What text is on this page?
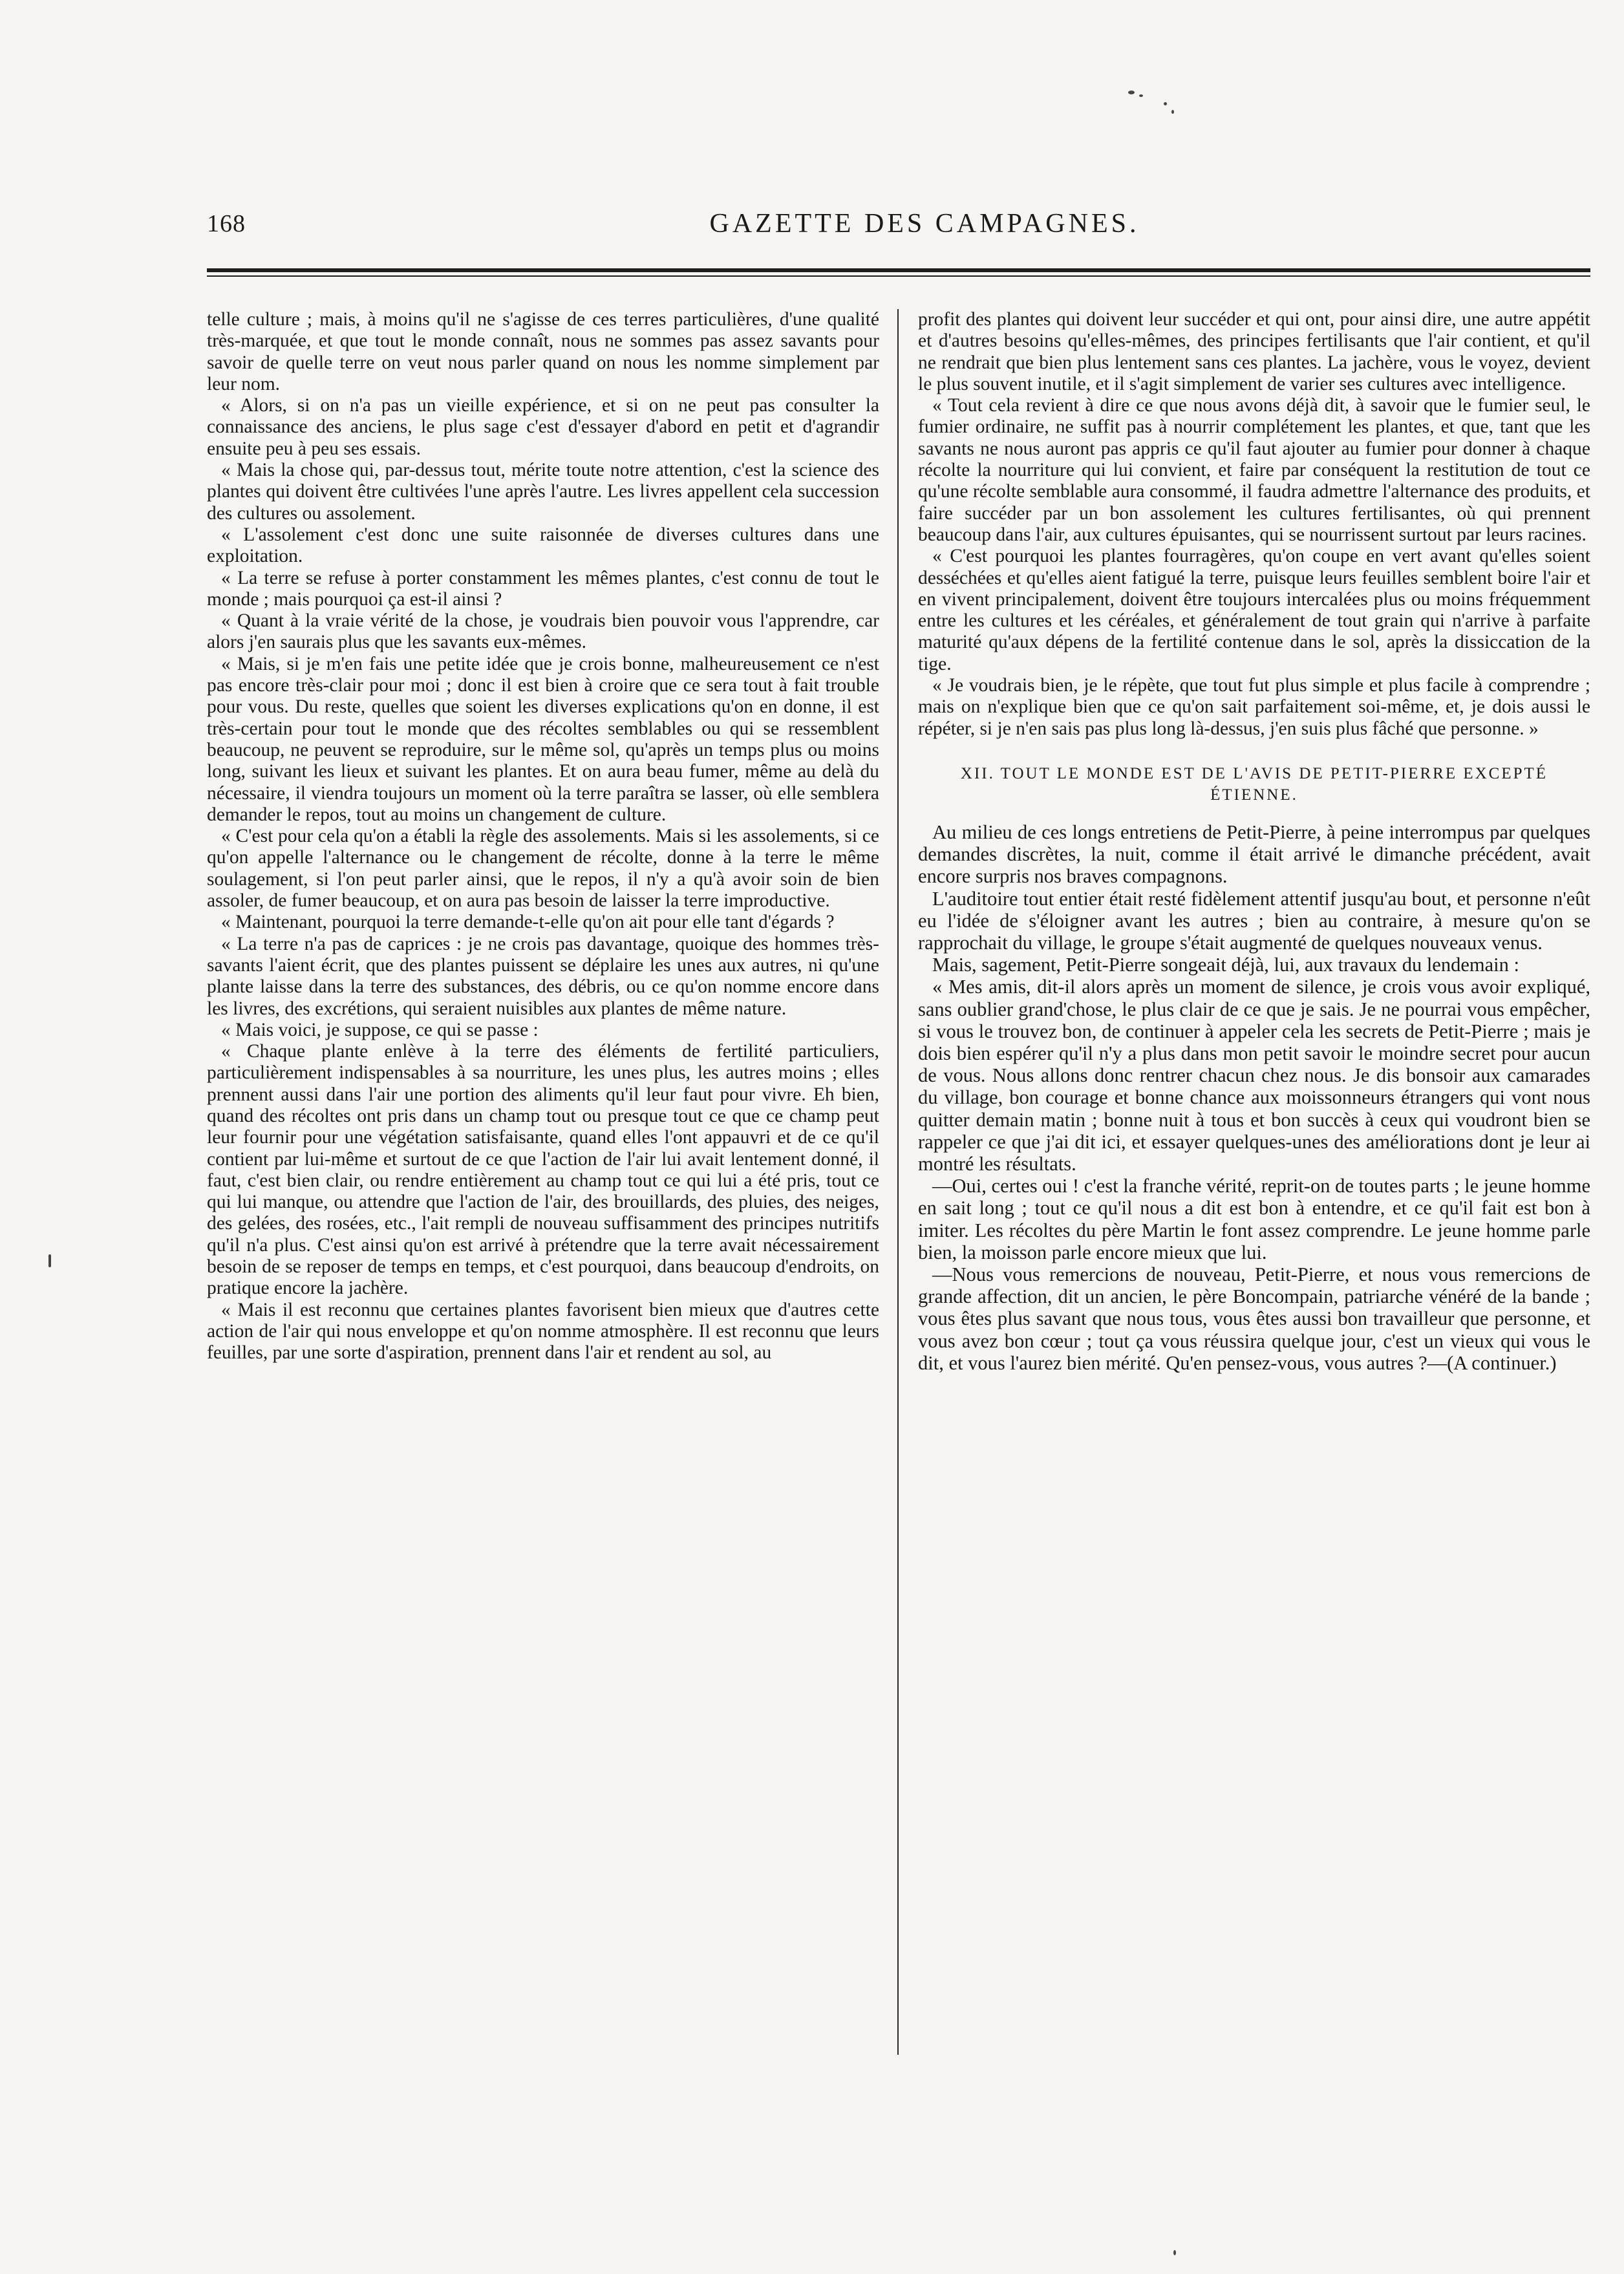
168	GAZETTE DES CAMPAGNES.

telle culture ; mais, à moins qu'il ne s'agisse de ces terres particulières, d'une qualité très-marquée, et que tout le monde connaît, nous ne sommes pas assez savants pour savoir de quelle terre on veut nous parler quand on nous les nomme simplement par leur nom.

« Alors, si on n'a pas un vieille expérience, et si on ne peut pas consulter la connaissance des anciens, le plus sage c'est d'essayer d'abord en petit et d'agrandir ensuite peu à peu ses essais.

« Mais la chose qui, par-dessus tout, mérite toute notre attention, c'est la science des plantes qui doivent être cultivées l'une après l'autre. Les livres appellent cela succession des cultures ou assolement.

« L'assolement c'est donc une suite raisonnée de diverses cultures dans une exploitation.

« La terre se refuse à porter constamment les mêmes plantes, c'est connu de tout le monde ; mais pourquoi ça est-il ainsi ?

« Quant à la vraie vérité de la chose, je voudrais bien pouvoir vous l'apprendre, car alors j'en saurais plus que les savants eux-mêmes.

« Mais, si je m'en fais une petite idée que je crois bonne, malheureusement ce n'est pas encore très-clair pour moi ; donc il est bien à croire que ce sera tout à fait trouble pour vous. Du reste, quelles que soient les diverses explications qu'on en donne, il est très-certain pour tout le monde que des récoltes semblables ou qui se ressemblent beaucoup, ne peuvent se reproduire, sur le même sol, qu'après un temps plus ou moins long, suivant les lieux et suivant les plantes. Et on aura beau fumer, même au delà du nécessaire, il viendra toujours un moment où la terre paraîtra se lasser, où elle semblera demander le repos, tout au moins un changement de culture.

« C'est pour cela qu'on a établi la règle des assolements. Mais si les assolements, si ce qu'on appelle l'alternance ou le changement de récolte, donne à la terre le même soulagement, si l'on peut parler ainsi, que le repos, il n'y a qu'à avoir soin de bien assoler, de fumer beaucoup, et on aura pas besoin de laisser la terre improductive.

« Maintenant, pourquoi la terre demande-t-elle qu'on ait pour elle tant d'égards ?

« La terre n'a pas de caprices : je ne crois pas davantage, quoique des hommes très-savants l'aient écrit, que des plantes puissent se déplaire les unes aux autres, ni qu'une plante laisse dans la terre des substances, des débris, ou ce qu'on nomme encore dans les livres, des excrétions, qui seraient nuisibles aux plantes de même nature.

« Mais voici, je suppose, ce qui se passe :

« Chaque plante enlève à la terre des éléments de fertilité particuliers, particulièrement indispensables à sa nourriture, les unes plus, les autres moins ; elles prennent aussi dans l'air une portion des aliments qu'il leur faut pour vivre. Eh bien, quand des récoltes ont pris dans un champ tout ou presque tout ce que ce champ peut leur fournir pour une végétation satisfaisante, quand elles l'ont appauvri et de ce qu'il contient par lui-même et surtout de ce que l'action de l'air lui avait lentement donné, il faut, c'est bien clair, ou rendre entièrement au champ tout ce qui lui a été pris, tout ce qui lui manque, ou attendre que l'action de l'air, des brouillards, des pluies, des neiges, des gelées, des rosées, etc., l'ait rempli de nouveau suffisamment des principes nutritifs qu'il n'a plus. C'est ainsi qu'on est arrivé à prétendre que la terre avait nécessairement besoin de se reposer de temps en temps, et c'est pourquoi, dans beaucoup d'endroits, on pratique encore la jachère.

« Mais il est reconnu que certaines plantes favorisent bien mieux que d'autres cette action de l'air qui nous enveloppe et qu'on nomme atmosphère. Il est reconnu que leurs feuilles, par une sorte d'aspiration, prennent dans l'air et rendent au sol, au

profit des plantes qui doivent leur succéder et qui ont, pour ainsi dire, une autre appétit et d'autres besoins qu'elles-mêmes, des principes fertilisants que l'air contient, et qu'il ne rendrait que bien plus lentement sans ces plantes. La jachère, vous le voyez, devient le plus souvent inutile, et il s'agit simplement de varier ses cultures avec intelligence.

« Tout cela revient à dire ce que nous avons déjà dit, à savoir que le fumier seul, le fumier ordinaire, ne suffit pas à nourrir complétement les plantes, et que, tant que les savants ne nous auront pas appris ce qu'il faut ajouter au fumier pour donner à chaque récolte la nourriture qui lui convient, et faire par conséquent la restitution de tout ce qu'une récolte semblable aura consommé, il faudra admettre l'alternance des produits, et faire succéder par un bon assolement les cultures fertilisantes, où qui prennent beaucoup dans l'air, aux cultures épuisantes, qui se nourrissent surtout par leurs racines.

« C'est pourquoi les plantes fourragères, qu'on coupe en vert avant qu'elles soient desséchées et qu'elles aient fatigué la terre, puisque leurs feuilles semblent boire l'air et en vivent principalement, doivent être toujours intercalées plus ou moins fréquemment entre les cultures et les céréales, et généralement de tout grain qui n'arrive à parfaite maturité qu'aux dépens de la fertilité contenue dans le sol, après la dissiccation de la tige.

« Je voudrais bien, je le répète, que tout fut plus simple et plus facile à comprendre ; mais on n'explique bien que ce qu'on sait parfaitement soi-même, et, je dois aussi le répéter, si je n'en sais pas plus long là-dessus, j'en suis plus fâché que personne. »

XII. TOUT LE MONDE EST DE L'AVIS DE PETIT-PIERRE EXCEPTÉ ÉTIENNE.

Au milieu de ces longs entretiens de Petit-Pierre, à peine interrompus par quelques demandes discrètes, la nuit, comme il était arrivé le dimanche précédent, avait encore surpris nos braves compagnons.

L'auditoire tout entier était resté fidèlement attentif jusqu'au bout, et personne n'eût eu l'idée de s'éloigner avant les autres ; bien au contraire, à mesure qu'on se rapprochait du village, le groupe s'était augmenté de quelques nouveaux venus.

Mais, sagement, Petit-Pierre songeait déjà, lui, aux travaux du lendemain :

« Mes amis, dit-il alors après un moment de silence, je crois vous avoir expliqué, sans oublier grand'chose, le plus clair de ce que je sais. Je ne pourrai vous empêcher, si vous le trouvez bon, de continuer à appeler cela les secrets de Petit-Pierre ; mais je dois bien espérer qu'il n'y a plus dans mon petit savoir le moindre secret pour aucun de vous. Nous allons donc rentrer chacun chez nous. Je dis bonsoir aux camarades du village, bon courage et bonne chance aux moissonneurs étrangers qui vont nous quitter demain matin ; bonne nuit à tous et bon succès à ceux qui voudront bien se rappeler ce que j'ai dit ici, et essayer quelques-unes des améliorations dont je leur ai montré les résultats.

—Oui, certes oui ! c'est la franche vérité, reprit-on de toutes parts ; le jeune homme en sait long ; tout ce qu'il nous a dit est bon à entendre, et ce qu'il fait est bon à imiter. Les récoltes du père Martin le font assez comprendre. Le jeune homme parle bien, la moisson parle encore mieux que lui.

—Nous vous remercions de nouveau, Petit-Pierre, et nous vous remercions de grande affection, dit un ancien, le père Boncompain, patriarche vénéré de la bande ; vous êtes plus savant que nous tous, vous êtes aussi bon travailleur que personne, et vous avez bon cœur ; tout ça vous réussira quelque jour, c'est un vieux qui vous le dit, et vous l'aurez bien mérité. Qu'en pensez-vous, vous autres ?—(A continuer.)
